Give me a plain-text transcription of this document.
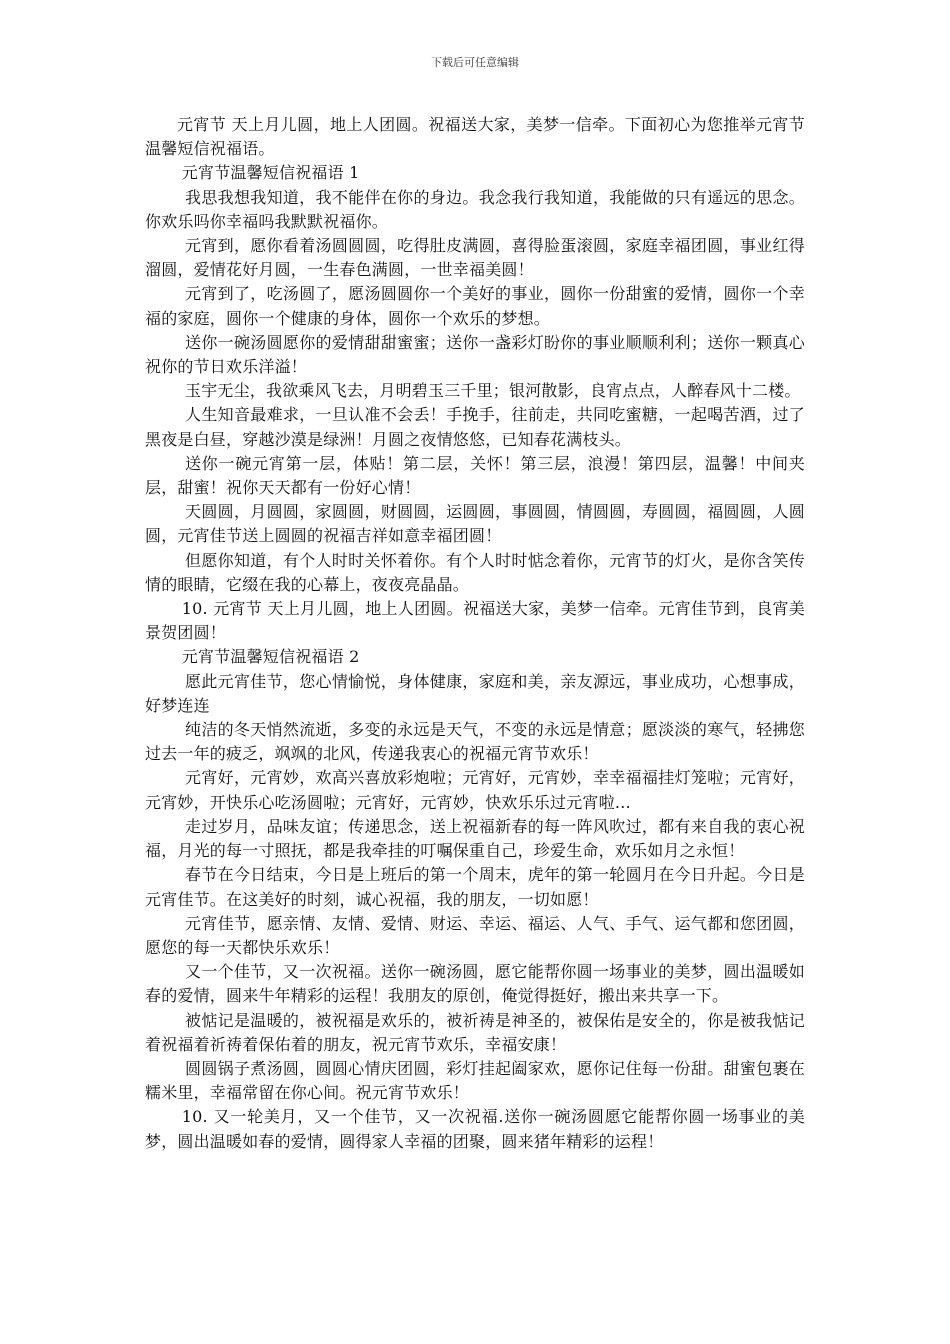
下载后可任意编辑

元宵节 天上月儿圆，地上人团圆。祝福送大家，美梦一信牵。下面初心为您推举元宵节温馨短信祝福语。

元宵节温馨短信祝福语 1

我思我想我知道，我不能伴在你的身边。我念我行我知道，我能做的只有遥远的思念。你欢乐吗你幸福吗我默默祝福你。

元宵到，愿你看着汤圆圆圆，吃得肚皮满圆，喜得脸蛋滚圆，家庭幸福团圆，事业红得溜圆，爱情花好月圆，一生春色满圆，一世幸福美圆！

元宵到了，吃汤圆了，愿汤圆圆你一个美好的事业，圆你一份甜蜜的爱情，圆你一个幸福的家庭，圆你一个健康的身体，圆你一个欢乐的梦想。

送你一碗汤圆愿你的爱情甜甜蜜蜜；送你一盏彩灯盼你的事业顺顺利利；送你一颗真心祝你的节日欢乐洋溢！

玉宇无尘，我欲乘风飞去，月明碧玉三千里；银河散影，良宵点点，人醉春风十二楼。

人生知音最难求，一旦认准不会丢！手挽手，往前走，共同吃蜜糖，一起喝苦酒，过了黑夜是白昼，穿越沙漠是绿洲！月圆之夜情悠悠，已知春花满枝头。

送你一碗元宵第一层，体贴！第二层，关怀！第三层，浪漫！第四层，温馨！中间夹层，甜蜜！祝你天天都有一份好心情！

天圆圆，月圆圆，家圆圆，财圆圆，运圆圆，事圆圆，情圆圆，寿圆圆，福圆圆，人圆圆，元宵佳节送上圆圆的祝福吉祥如意幸福团圆！

但愿你知道，有个人时时关怀着你。有个人时时惦念着你，元宵节的灯火，是你含笑传情的眼睛，它缀在我的心幕上，夜夜亮晶晶。

10. 元宵节 天上月儿圆，地上人团圆。祝福送大家，美梦一信牵。元宵佳节到，良宵美景贺团圆！

元宵节温馨短信祝福语 2

愿此元宵佳节，您心情愉悦，身体健康，家庭和美，亲友源远，事业成功，心想事成，好梦连连

纯洁的冬天悄然流逝，多变的永远是天气，不变的永远是情意；愿淡淡的寒气，轻拂您过去一年的疲乏，飒飒的北风，传递我衷心的祝福元宵节欢乐！

元宵好，元宵妙，欢高兴喜放彩炮啦；元宵好，元宵妙，幸幸福福挂灯笼啦；元宵好，元宵妙，开快乐心吃汤圆啦；元宵好，元宵妙，快欢乐乐过元宵啦…

走过岁月，品味友谊；传递思念，送上祝福新春的每一阵风吹过，都有来自我的衷心祝福，月光的每一寸照抚，都是我牵挂的叮嘱保重自己，珍爱生命，欢乐如月之永恒！

春节在今日结束，今日是上班后的第一个周末，虎年的第一轮圆月在今日升起。今日是元宵佳节。在这美好的时刻，诚心祝福，我的朋友，一切如愿！

元宵佳节，愿亲情、友情、爱情、财运、幸运、福运、人气、手气、运气都和您团圆，愿您的每一天都快乐欢乐！

又一个佳节，又一次祝福。送你一碗汤圆，愿它能帮你圆一场事业的美梦，圆出温暖如春的爱情，圆来牛年精彩的运程！我朋友的原创，俺觉得挺好，搬出来共享一下。

被惦记是温暖的，被祝福是欢乐的，被祈祷是神圣的，被保佑是安全的，你是被我惦记着祝福着祈祷着保佑着的朋友，祝元宵节欢乐，幸福安康！

圆圆锅子煮汤圆，圆圆心情庆团圆，彩灯挂起阖家欢，愿你记住每一份甜。甜蜜包裹在糯米里，幸福常留在你心间。祝元宵节欢乐！

10. 又一轮美月，又一个佳节，又一次祝福.送你一碗汤圆愿它能帮你圆一场事业的美梦，圆出温暖如春的爱情，圆得家人幸福的团聚，圆来猪年精彩的运程！
